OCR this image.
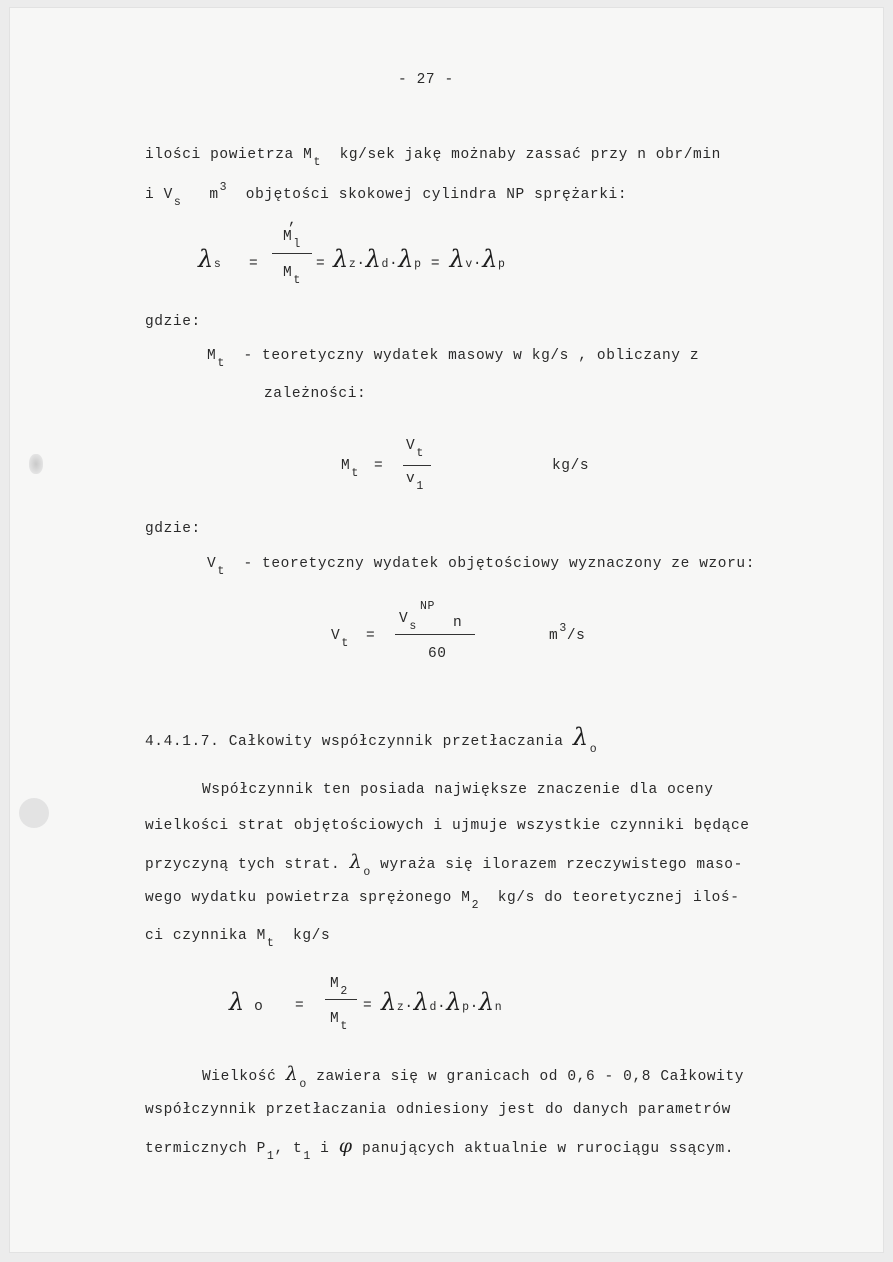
- 27 -
ilości powietrza $M_t$ kg/sek jakę możnaby zassać przy n obr/min
i $V_s$ $m^3$ objętości skokowej cylindra NP sprężarki:
λs =
,
$M_l$
$M_t$
= λz·λd·λp = λv·λp
gdzie:
$M_t$ - teoretyczny wydatek masowy w kg/s , obliczany z
zależności:
$M_t$ =
$V_t$
$v_1$
kg/s
gdzie:
$V_t$ - teoretyczny wydatek objętościowy wyznaczony ze wzoru:
$V_t$ =
NP
$V_s$ n
60
$m^3/s$
4.4.1.7. Całkowity współczynnik przetłaczania $\lambda_o$
Współczynnik ten posiada największe znaczenie dla oceny
wielkości strat objętościowych i ujmuje wszystkie czynniki będące
przyczyną tych strat. $\lambda_o$ wyraża się ilorazem rzeczywistego maso-
wego wydatku powietrza sprężonego $M_2$ kg/s do teoretycznej iloś-
ci czynnika $M_t$ kg/s
λ o =
$M_2$
$M_t$
= λz·λd·λp·λn
Wielkość $\lambda_o$ zawiera się w granicach od 0,6 - 0,8 Całkowity
współczynnik przetłaczania odniesiony jest do danych parametrów
termicznych $P_1$, $t_1$ i φ panujących aktualnie w rurociągu ssącym.
